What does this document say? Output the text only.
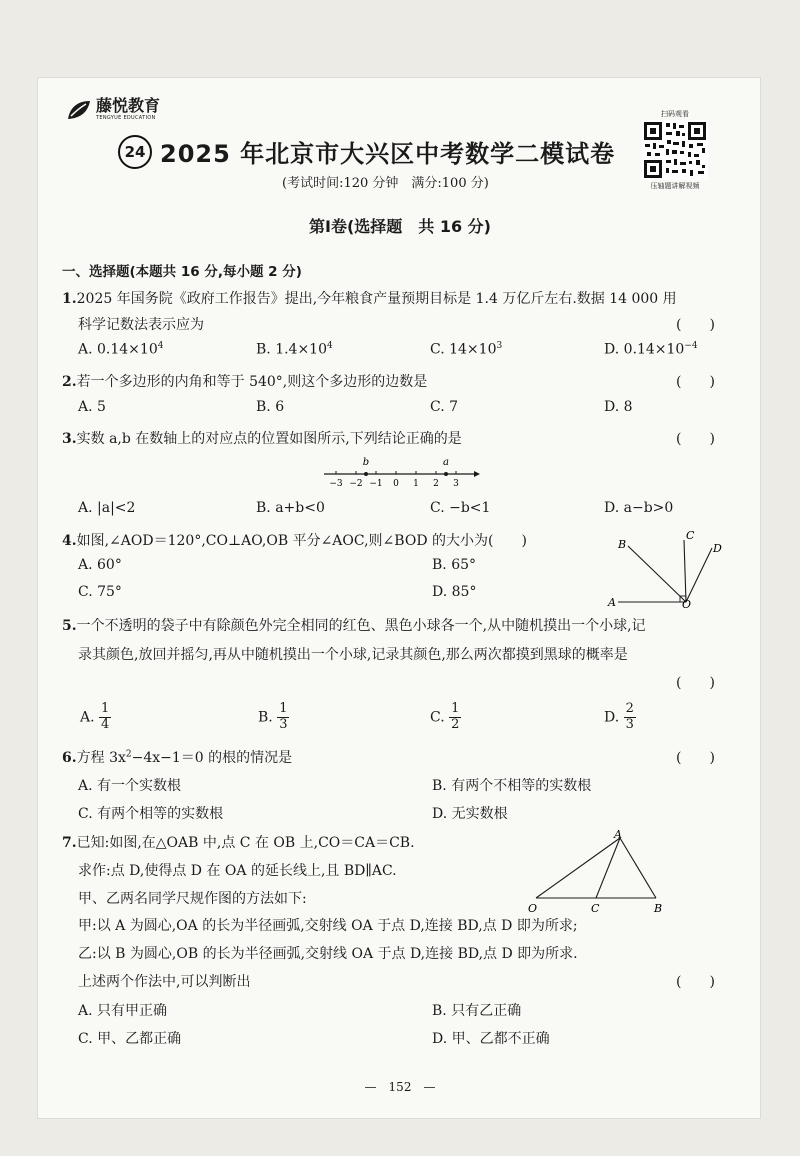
藤悦教育
TENGYUE EDUCATION
24 2025 年北京市大兴区中考数学二模试卷
(考试时间:120 分钟　满分:100 分)
扫码观看
压轴题讲解视频
第Ⅰ卷(选择题　共 16 分)
一、选择题(本题共 16 分,每小题 2 分)
1.2025 年国务院《政府工作报告》提出,今年粮食产量预期目标是 1.4 万亿斤左右.数据 14 000 用
科学记数法表示应为	(　　)
A. $0.14\times 10^4$	B. $1.4\times 10^4$	C. $14\times 10^3$	D. $0.14\times 10^{-4}$
2.若一个多边形的内角和等于 540°,则这个多边形的边数是	(　　)
A. 5	B. 6	C. 7	D. 8
3.实数 a,b 在数轴上的对应点的位置如图所示,下列结论正确的是	(　　)
−3 −2 −1 0 1 2 3
b	a
A. |a|<2	B. a+b<0	C. −b<1	D. a−b>0
4.如图,∠AOD＝120°,CO⊥AO,OB 平分∠AOC,则∠BOD 的大小为(　　)
A. 60°	B. 65°
C. 75°	D. 85°
A
B
C
D
O
5.一个不透明的袋子中有除颜色外完全相同的红色、黑色小球各一个,从中随机摸出一个小球,记
录其颜色,放回并摇匀,再从中随机摸出一个小球,记录其颜色,那么两次都摸到黑球的概率是
(　　)
A. $\frac{1}{4}$	B. $\frac{1}{3}$	C. $\frac{1}{2}$	D. $\frac{2}{3}$
6.方程 $3x^2-4x-1=0$ 的根的情况是	(　　)
A. 有一个实数根	B. 有两个不相等的实数根
C. 有两个相等的实数根	D. 无实数根
7.已知:如图,在△OAB 中,点 C 在 OB 上,CO＝CA＝CB.
求作:点 D,使得点 D 在 OA 的延长线上,且 BD∥AC.
甲、乙两名同学尺规作图的方法如下:
甲:以 A 为圆心,OA 的长为半径画弧,交射线 OA 于点 D,连接 BD,点 D 即为所求;
乙:以 B 为圆心,OB 的长为半径画弧,交射线 OA 于点 D,连接 BD,点 D 即为所求.
上述两个作法中,可以判断出	(　　)
A
O	C	B
A. 只有甲正确	B. 只有乙正确
C. 甲、乙都正确	D. 甲、乙都不正确
—　152　—
